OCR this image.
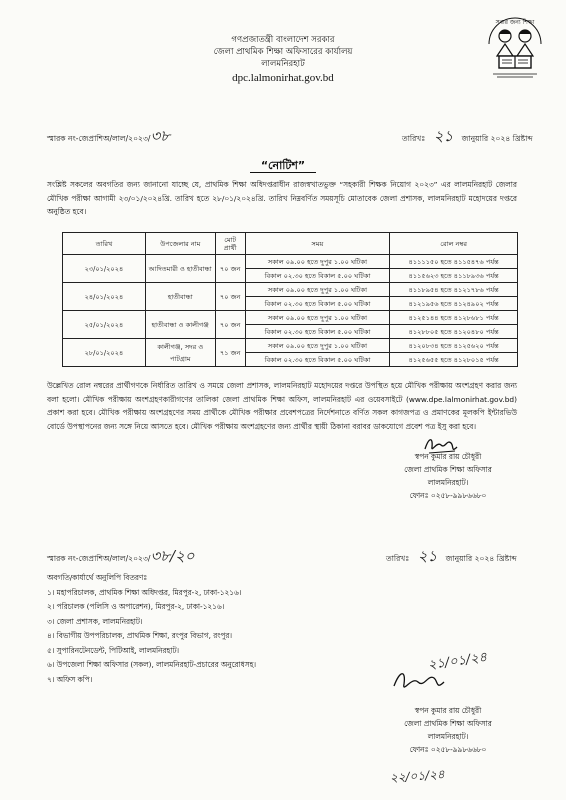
গণপ্রজাতন্ত্রী বাংলাদেশ সরকার
জেলা প্রাথমিক শিক্ষা অফিসারের কার্যালয়
লালমনিরহাট
dpc.lalmonirhat.gov.bd
সবার জন্য শিক্ষা
স্মারক নং-জেপ্রাশিঅ/লাল/২০২৩/৩৮	তারিখঃ ২১ জানুয়ারি ২০২৪ খ্রিষ্টাব্দ
“নোটিশ”
সংশ্লিষ্ট সকলের অবগতির জন্য জানানো যাচ্ছে যে, প্রাথমিক শিক্ষা অধিদপ্তরাধীন রাজস্বখাতভুক্ত “সহকারী শিক্ষক নিয়োগ ২০২৩” এর লালমনিরহাট জেলার মৌখিক পরীক্ষা আগামী ২৩/০১/২০২৪খ্রি. তারিখ হতে ২৮/০১/২০২৪খ্রি. তারিখ নিম্নবর্ণিত সময়সূচি মোতাবেক জেলা প্রশাসক, লালমনিরহাট মহোদয়ের দপ্তরে অনুষ্ঠিত হবে।
তারিখ	উপজেলার নাম	মোট প্রার্থী	সময়	রোল নম্বর
২৩/০১/২০২৪	আদিতমারী ও হাতীবান্ধা	৭০ জন	সকাল ০৯.০০ হতে দুপুর ১.০০ ঘটিকা	৪১১১১৫০ হতে ৪১১৫৪৭৬ পর্যন্ত
			বিকাল ০২.৩০ হতে বিকাল ৫.০০ ঘটিকা	৪১১৫৬২৩ হতে ৪১১৮৯৩৬ পর্যন্ত
২৪/০১/২০২৪	হাতীবান্ধা	৭০ জন	সকাল ০৯.০০ হতে দুপুর ১.০০ ঘটিকা	৪১১৮৯৫৪ হতে ৪১২১৭৮৬ পর্যন্ত
			বিকাল ০২.৩০ হতে বিকাল ৫.০০ ঘটিকা	৪১২১৯৫৬ হতে ৪১২৪৯০২ পর্যন্ত
২৫/০১/২০২৪	হাতীবান্ধা ও কালীগঞ্জ	৭০ জন	সকাল ০৯.০০ হতে দুপুর ১.০০ ঘটিকা	৪১২৫১৪৪ হতে ৪১২৮৬৮১ পর্যন্ত
			বিকাল ০২.৩০ হতে বিকাল ৫.০০ ঘটিকা	৪১২৮৮০৫ হতে ৪১২০৪৮০ পর্যন্ত
২৮/০১/২০২৪	কালীগঞ্জ, সদর ও পাটগ্রাম	৭১ জন	সকাল ০৯.০০ হতে দুপুর ১.০০ ঘটিকা	৪১২০৮৩৪ হতে ৪১২৫৬২০ পর্যন্ত
			বিকাল ০২.৩০ হতে বিকাল ৫.০০ ঘটিকা	৪১২৫৬৫৫ হতে ৪১২৮০১৫ পর্যন্ত
উল্লেখিত রোল নম্বরের প্রার্থীগণকে নির্ধারিত তারিখ ও সময়ে জেলা প্রশাসক, লালমনিরহাট মহোদয়ের দপ্তরে উপস্থিত হয়ে মৌখিক পরীক্ষায় অংশগ্রহণ করার জন্য বলা হলো। মৌখিক পরীক্ষায় অংশগ্রহণকারীগণের তালিকা জেলা প্রাথমিক শিক্ষা অফিস, লালমনিরহাট এর ওয়েবসাইটে (www.dpe.lalmonirhat.gov.bd) প্রকাশ করা হবে। মৌখিক পরীক্ষায় অংশগ্রহণের সময় প্রার্থীকে মৌখিক পরীক্ষার প্রবেশপত্রের নির্দেশনাতে বর্ণিত সকল কাগজপত্র ও প্রমাণকের মূলকপি ইন্টারভিউ বোর্ডে উপস্থাপনের জন্য সঙ্গে নিয়ে আসতে হবে। মৌখিক পরীক্ষায় অংশগ্রহণের জন্য প্রার্থীর স্থায়ী ঠিকানা বরাবর ডাকযোগে প্রবেশ পত্র ইসু করা হবে।
স্বপন কুমার রায় চৌধুরী
জেলা প্রাথমিক শিক্ষা অফিসার
লালমনিরহাট।
ফোনঃ ০২৫৮-৯৯৮৬৬৮০
স্মারক নং-জেপ্রাশিঅ/লাল/২০২৩/৩৮/২০	তারিখঃ ২১ জানুয়ারি ২০২৪ খ্রিষ্টাব্দ
অবগতি/কার্যার্থে অনুলিপি বিতরণঃ
১। মহাপরিচালক, প্রাথমিক শিক্ষা অধিদপ্তর, মিরপুর-২, ঢাকা-১২১৬।
২। পরিচালক (পলিসি ও অপারেশন), মিরপুর-২, ঢাকা-১২১৬।
৩। জেলা প্রশাসক, লালমনিরহাট।
৪। বিভাগীয় উপপরিচালক, প্রাথমিক শিক্ষা, রংপুর বিভাগ, রংপুর।
৫। সুপারিনটেনডেন্ট, পিটিআই, লালমনিরহাট।
৬। উপজেলা শিক্ষা অফিসার (সকল), লালমনিরহাট-প্রচারের অনুরোধসহ।
৭। অফিস কপি।
২১/০১/২৪
স্বপন কুমার রায় চৌধুরী
জেলা প্রাথমিক শিক্ষা অফিসার
লালমনিরহাট।
ফোনঃ ০২৫৮-৯৯৮৬৬৮০
২২/০১/২৪
